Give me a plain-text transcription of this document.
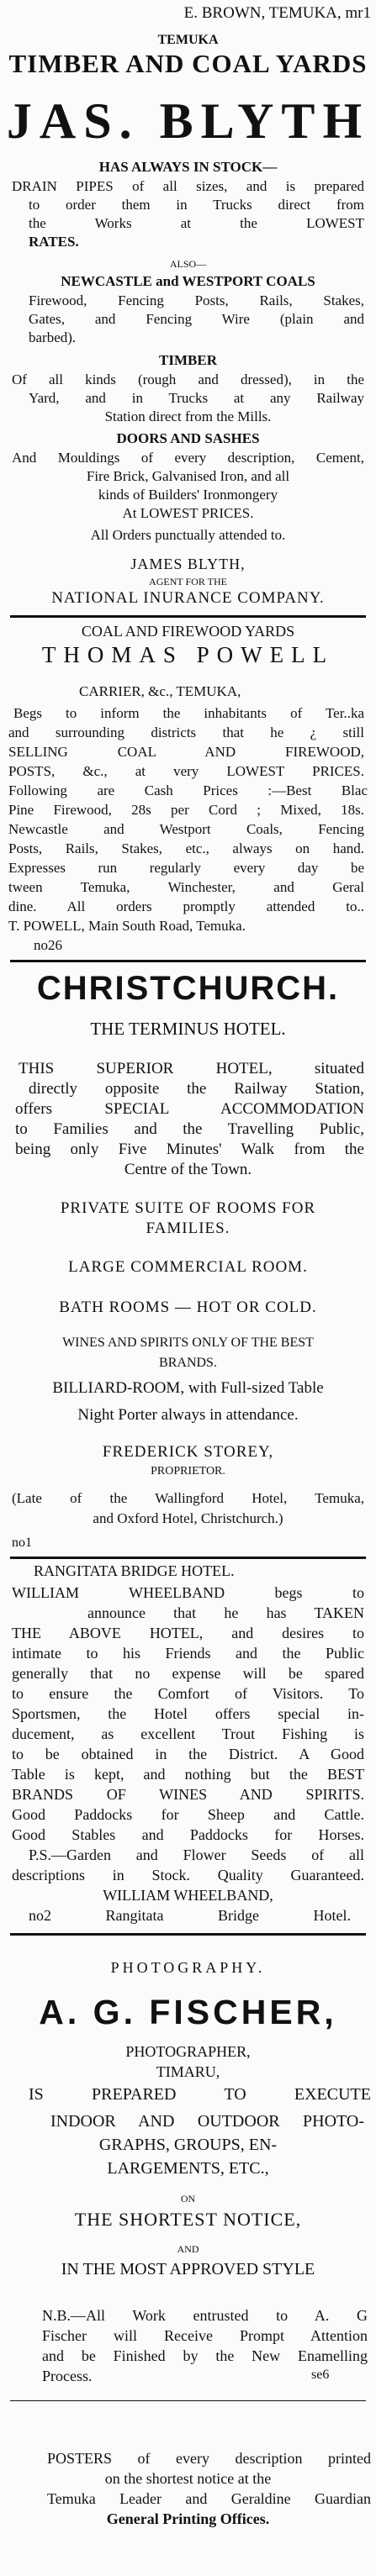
E. BROWN, TEMUKA, mr1
TEMUKA
TIMBER AND COAL YARDS
JAS. BLYTH
HAS ALWAYS IN STOCK—
DRAIN PIPES of all sizes, and is prepared
to order them in Trucks direct from
the Works at the LOWEST
RATES.
ALSO—
NEWCASTLE and WESTPORT COALS
Firewood, Fencing Posts, Rails, Stakes,
Gates, and Fencing Wire (plain and
barbed).
TIMBER
Of all kinds (rough and dressed), in the
Yard, and in Trucks at any Railway
Station direct from the Mills.
DOORS AND SASHES
And Mouldings of every description, Cement,
Fire Brick, Galvanised Iron, and all
kinds of Builders' Ironmongery
At LOWEST PRICES.
All Orders punctually attended to.
JAMES BLYTH,
AGENT FOR THE
NATIONAL INURANCE COMPANY.
COAL AND FIREWOOD YARDS
THOMAS POWELL
CARRIER, &c., TEMUKA,
Begs to inform the inhabitants of Ter..ka
and surrounding districts that he ¿ still
SELLING COAL AND FIREWOOD,
POSTS, &c., at very LOWEST PRICES.
Following are Cash Prices :—Best Blac
Pine Firewood, 28s per Cord ; Mixed, 18s.
Newcastle and Westport Coals, Fencing
Posts, Rails, Stakes, etc., always on hand.
Expresses run regularly every day be
tween Temuka, Winchester, and Geral
dine. All orders promptly attended to..
T. POWELL, Main South Road, Temuka.
no26
CHRISTCHURCH.
THE TERMINUS HOTEL.
THIS SUPERIOR HOTEL, situated
directly opposite the Railway Station,
offers SPECIAL ACCOMMODATION
to Families and the Travelling Public,
being only Five Minutes' Walk from the
Centre of the Town.
PRIVATE SUITE OF ROOMS FOR
FAMILIES.
LARGE COMMERCIAL ROOM.
BATH ROOMS — HOT OR COLD.
WINES AND SPIRITS ONLY OF THE BEST
BRANDS.
BILLIARD-ROOM, with Full-sized Table
Night Porter always in attendance.
FREDERICK STOREY,
PROPRIETOR.
(Late of the Wallingford Hotel, Temuka,
and Oxford Hotel, Christchurch.)
no1
RANGITATA BRIDGE HOTEL.
WILLIAM WHEELBAND begs to
announce that he has TAKEN
THE ABOVE HOTEL, and desires to
intimate to his Friends and the Public
generally that no expense will be spared
to ensure the Comfort of Visitors. To
Sportsmen, the Hotel offers special in-
ducement, as excellent Trout Fishing is
to be obtained in the District. A Good
Table is kept, and nothing but the BEST
BRANDS OF WINES AND SPIRITS.
Good Paddocks for Sheep and Cattle.
Good Stables and Paddocks for Horses.
P.S.—Garden and Flower Seeds of all
descriptions in Stock. Quality Guaranteed.
WILLIAM WHEELBAND,
no2 Rangitata Bridge Hotel.
PHOTOGRAPHY.
A. G. FISCHER,
PHOTOGRAPHER,
TIMARU,
IS PREPARED TO EXECUTE
INDOOR AND OUTDOOR PHOTO-
GRAPHS, GROUPS, EN-
LARGEMENTS, ETC.,
ON
THE SHORTEST NOTICE,
AND
IN THE MOST APPROVED STYLE
N.B.—All Work entrusted to A. G
Fischer will Receive Prompt Attention
and be Finished by the New Enamelling
Process.	se6
POSTERS of every description printed
on the shortest notice at the
Temuka Leader and Geraldine Guardian
General Printing Offices.
